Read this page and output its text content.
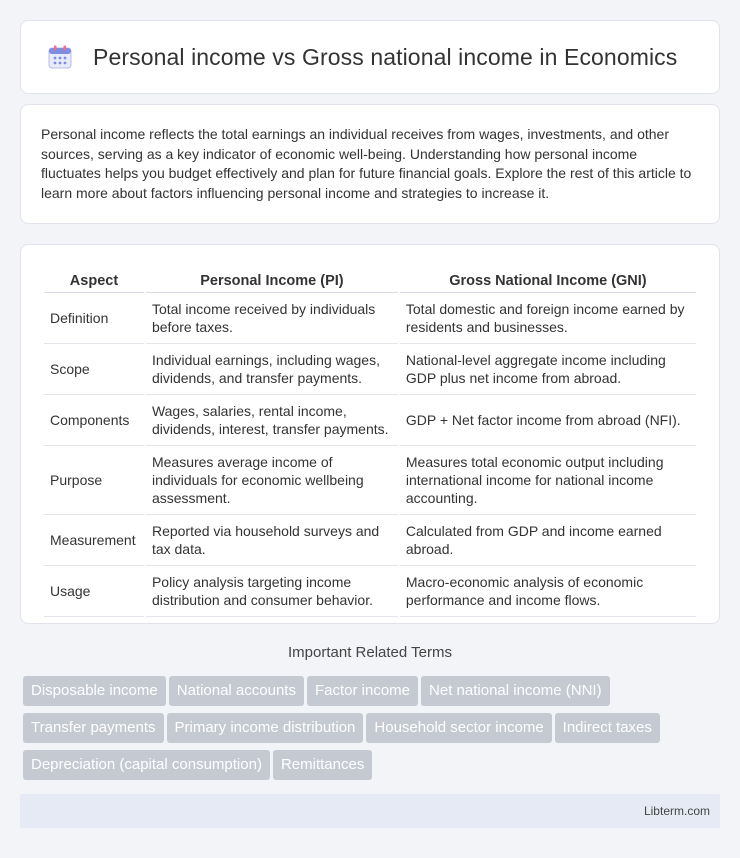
Personal income vs Gross national income in Economics

Personal income reflects the total earnings an individual receives from wages, investments, and other sources, serving as a key indicator of economic well-being. Understanding how personal income fluctuates helps you budget effectively and plan for future financial goals. Explore the rest of this article to learn more about factors influencing personal income and strategies to increase it.

Aspect	Personal Income (PI)	Gross National Income (GNI)
Definition	Total income received by individuals before taxes.	Total domestic and foreign income earned by residents and businesses.
Scope	Individual earnings, including wages, dividends, and transfer payments.	National-level aggregate income including GDP plus net income from abroad.
Components	Wages, salaries, rental income, dividends, interest, transfer payments.	GDP + Net factor income from abroad (NFI).
Purpose	Measures average income of individuals for economic wellbeing assessment.	Measures total economic output including international income for national income accounting.
Measurement	Reported via household surveys and tax data.	Calculated from GDP and income earned abroad.
Usage	Policy analysis targeting income distribution and consumer behavior.	Macro-economic analysis of economic performance and income flows.
Important Related Terms
Disposable income National accounts Factor income Net national income (NNI)
Transfer payments Primary income distribution Household sector income Indirect taxes
Depreciation (capital consumption) Remittances
Libterm.com
